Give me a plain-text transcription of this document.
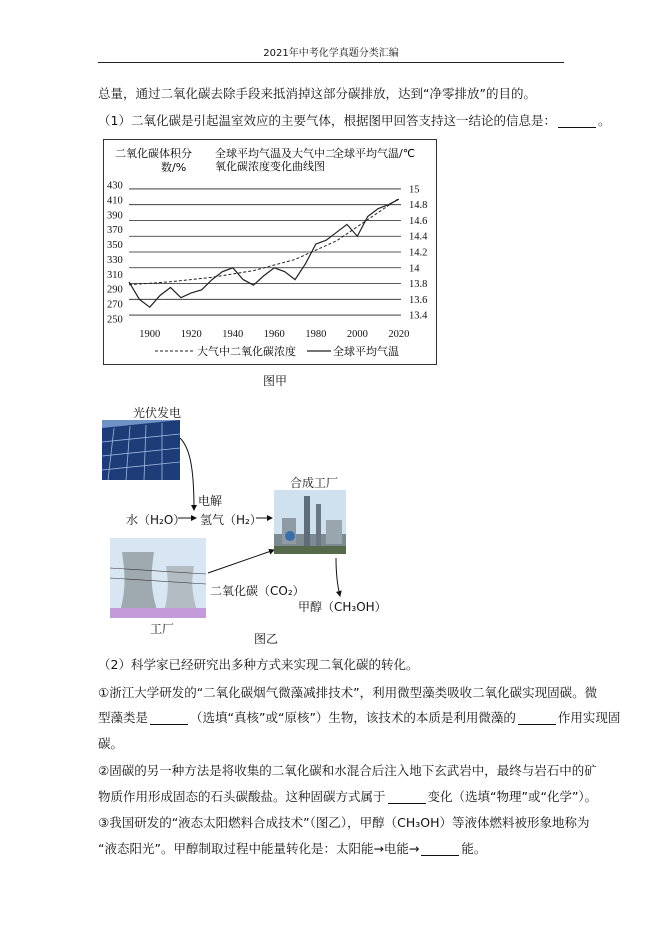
2021年中考化学真题分类汇编
总量，通过二氧化碳去除手段来抵消掉这部分碳排放，达到“净零排放”的目的。
（1）二氧化碳是引起温室效应的主要气体，根据图甲回答支持这一结论的信息是：	。
430
410
390
370
350
330
310
290
270
250
15
14.8
14.6
14.4
14.2
14
13.8
13.6
13.4
1900 1920 1940 1960 1980 2000 2020
二氧化碳体积分 数/%
全球平均气温及大气中二 氧化碳浓度变化曲线图
全球平均气温/℃
大气中二氧化碳浓度	全球平均气温
图甲
光伏发电
电解
水（H₂O） 氢气（H₂）
合成工厂
工厂
二氧化碳（CO₂）
甲醇（CH₃OH）
图乙
（2）科学家已经研究出多种方式来实现二氧化碳的转化。
①浙江大学研发的“二氧化碳烟气微藻减排技术”，利用微型藻类吸收二氧化碳实现固碳。微
型藻类是	（选填“真核”或“原核”）生物，该技术的本质是利用微藻的	作用实现固
碳。
②固碳的另一种方法是将收集的二氧化碳和水混合后注入地下玄武岩中，最终与岩石中的矿
物质作用形成固态的石头碳酸盐。这种固碳方式属于	变化（选填“物理”或“化学”）。
③我国研发的“液态太阳燃料合成技术”（图乙），甲醇（CH₃OH）等液体燃料被形象地称为
“液态阳光”。甲醇制取过程中能量转化是：太阳能→电能→	能。
